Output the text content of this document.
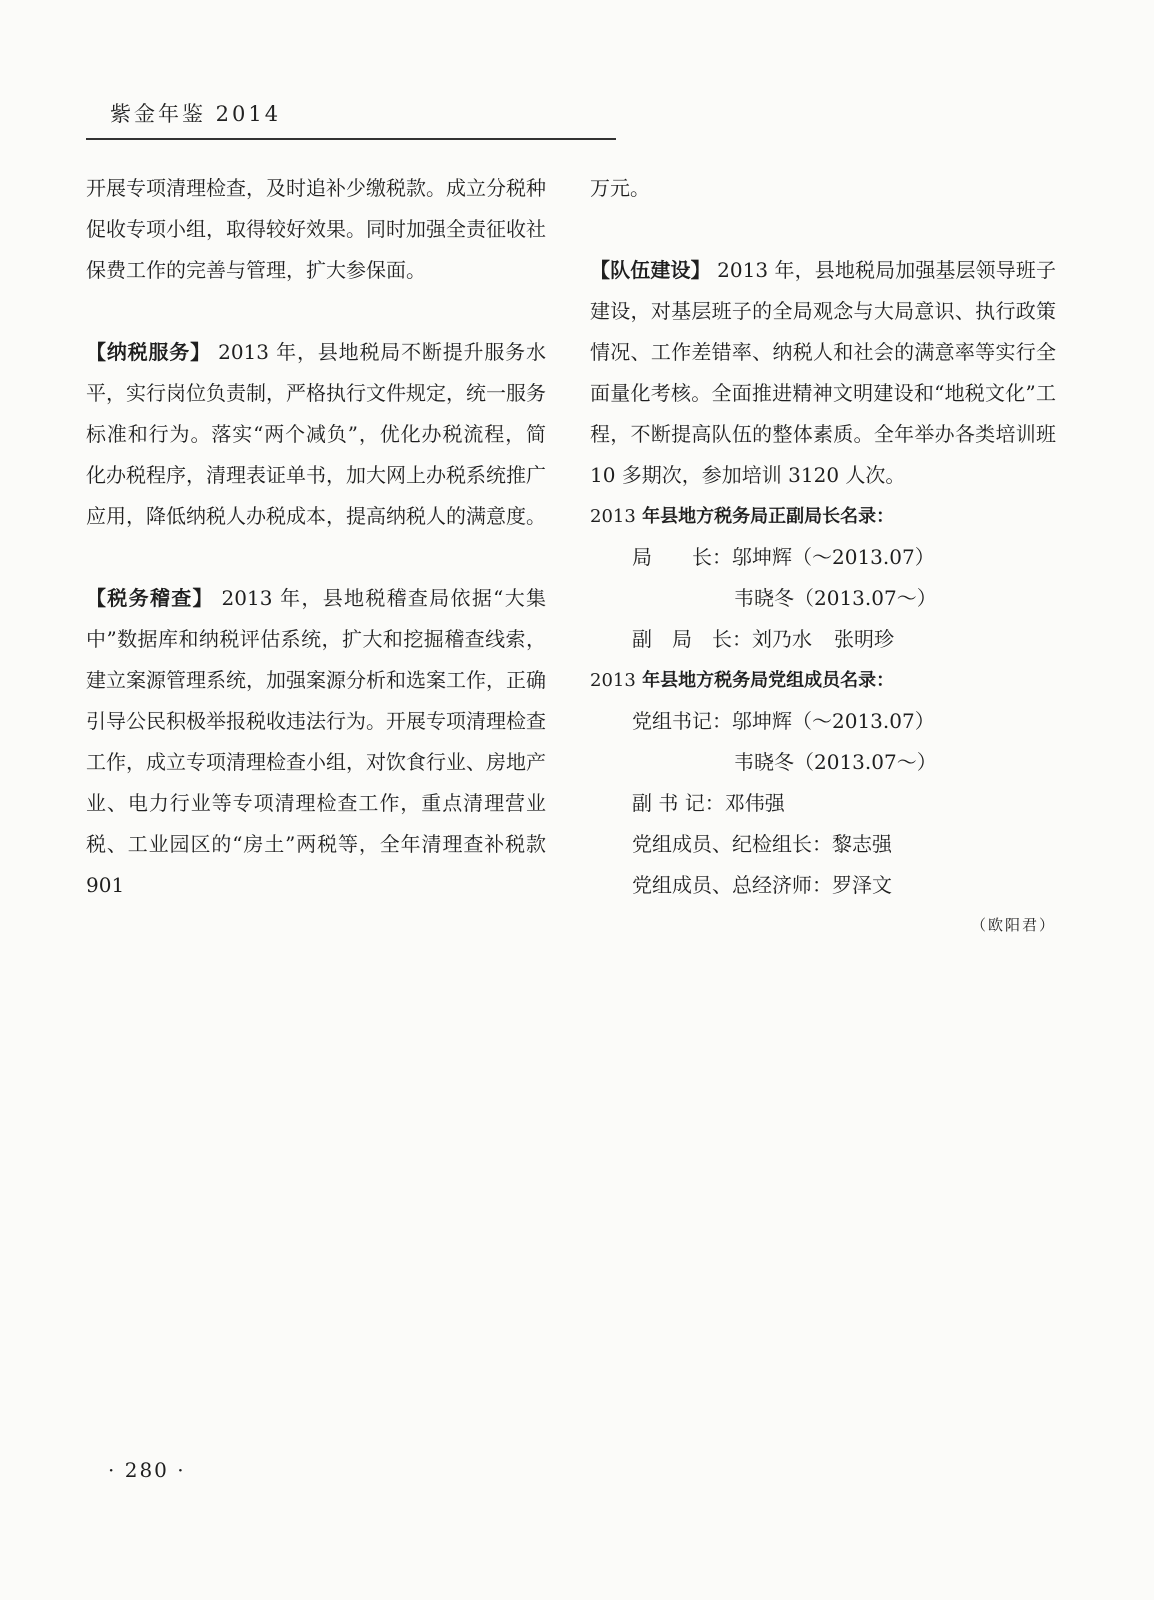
紫金年鉴 2014

开展专项清理检查，及时追补少缴税款。成立分税种促收专项小组，取得较好效果。同时加强全责征收社保费工作的完善与管理，扩大参保面。

【纳税服务】 2013 年，县地税局不断提升服务水平，实行岗位负责制，严格执行文件规定，统一服务标准和行为。落实“两个减负”，优化办税流程，简化办税程序，清理表证单书，加大网上办税系统推广应用，降低纳税人办税成本，提高纳税人的满意度。

【税务稽查】 2013 年，县地税稽查局依据“大集中”数据库和纳税评估系统，扩大和挖掘稽查线索，建立案源管理系统，加强案源分析和选案工作，正确引导公民积极举报税收违法行为。开展专项清理检查工作，成立专项清理检查小组，对饮食行业、房地产业、电力行业等专项清理检查工作，重点清理营业税、工业园区的“房土”两税等，全年清理查补税款 901

万元。

【队伍建设】 2013 年，县地税局加强基层领导班子建设，对基层班子的全局观念与大局意识、执行政策情况、工作差错率、纳税人和社会的满意率等实行全面量化考核。全面推进精神文明建设和“地税文化”工程，不断提高队伍的整体素质。全年举办各类培训班 10 多期次，参加培训 3120 人次。

2013 年县地方税务局正副局长名录：

局　　长：邬坤辉（～2013.07）

韦晓冬（2013.07～）

副　局　长：刘乃水 张明珍

2013 年县地方税务局党组成员名录：

党组书记：邬坤辉（～2013.07）

韦晓冬（2013.07～）

副 书 记：邓伟强

党组成员、纪检组长：黎志强

党组成员、总经济师：罗泽文

（欧阳君）
· 280 ·
